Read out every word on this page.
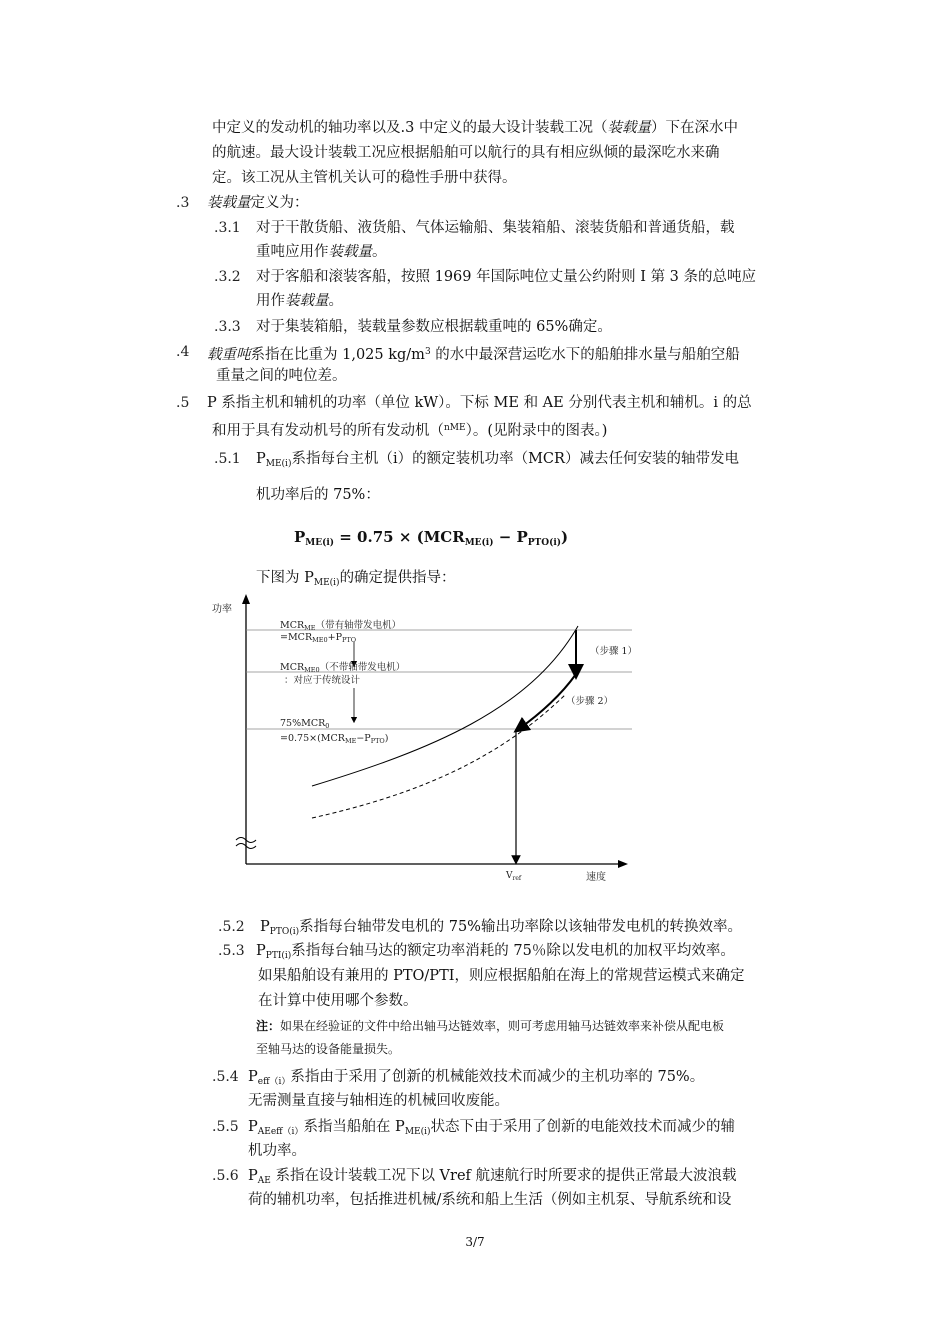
中定义的发动机的轴功率以及.3 中定义的最大设计装载工况（装载量）下在深水中
的航速。最大设计装载工况应根据船舶可以航行的具有相应纵倾的最深吃水来确
定。该工况从主管机关认可的稳性手册中获得。
.3 装载量定义为：
.3.1 对于干散货船、液货船、气体运输船、集装箱船、滚装货船和普通货船，载
重吨应用作装载量。
.3.2 对于客船和滚装客船，按照 1969 年国际吨位丈量公约附则 I 第 3 条的总吨应
用作装载量。
.3.3 对于集装箱船，装载量参数应根据载重吨的 65%确定。
.4 载重吨系指在比重为 1,025 $kg/m^3$ 的水中最深营运吃水下的船舶排水量与船舶空船
重量之间的吨位差。
.5 P 系指主机和辅机的功率（单位 kW）。下标 ME 和 AE 分别代表主机和辅机。i 的总
和用于具有发动机号的所有发动机（$^{nME}$）。(见附录中的图表。)
.5.1 $P_{ME(i)}$系指每台主机（i）的额定装机功率（MCR）减去任何安装的轴带发电
机功率后的 75%：
$P_{ME(i)} = 0.75 \times (MCR_{ME(i)} - P_{PTO(i)})$
下图为 $P_{ME(i)}$的确定提供指导：
功率
速度
$V_{ref}$
$MCR_{ME}$（带有轴带发电机）
$=MCR_{ME0}+P_{PTO}$
$MCR_{ME0}$（不带轴带发电机）
：对应于传统设计
$75\%MCR_0$
$=0.75\times(MCR_{ME}-P_{PTO})$
（步骤 1）
（步骤 2）
.5.2 $P_{PTO(i)}$系指每台轴带发电机的 75%输出功率除以该轴带发电机的转换效率。
.5.3 $P_{PTI(i)}$系指每台轴马达的额定功率消耗的 75％除以发电机的加权平均效率。
如果船舶设有兼用的 PTO/PTI，则应根据船舶在海上的常规营运模式来确定
在计算中使用哪个参数。
注：如果在经验证的文件中给出轴马达链效率，则可考虑用轴马达链效率来补偿从配电板
至轴马达的设备能量损失。
.5.4 $P_{eff(i)}$系指由于采用了创新的机械能效技术而减少的主机功率的 75%。
无需测量直接与轴相连的机械回收废能。
.5.5 $P_{AEeff(i)}$系指当船舶在 $P_{ME(i)}$状态下由于采用了创新的电能效技术而减少的辅
机功率。
.5.6 $P_{AE}$ 系指在设计装载工况下以 Vref 航速航行时所要求的提供正常最大波浪载
荷的辅机功率，包括推进机械/系统和船上生活（例如主机泵、导航系统和设
3/7
